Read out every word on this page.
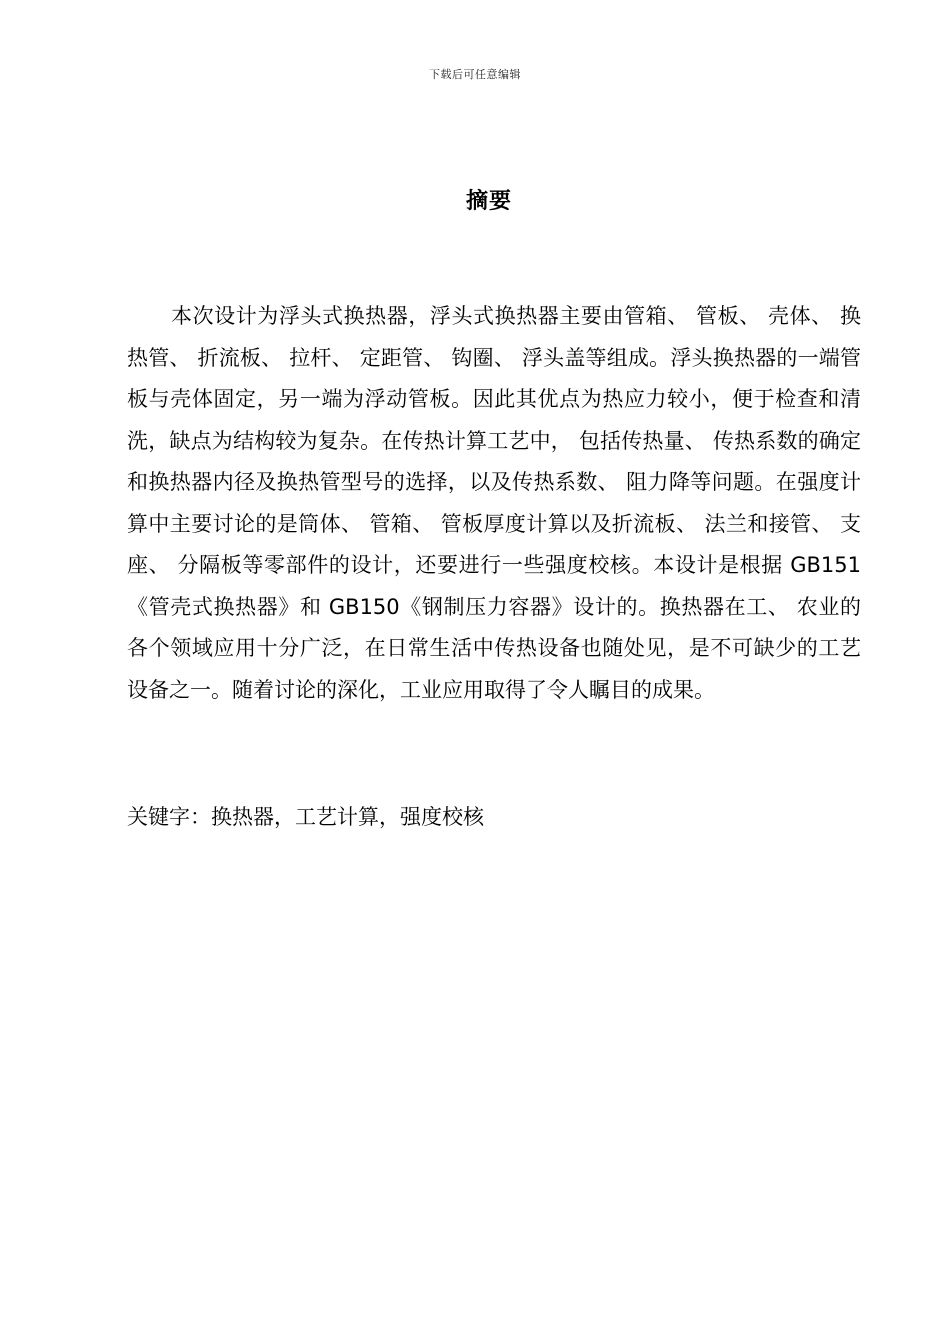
下载后可任意编辑
摘要

本次设计为浮头式换热器，浮头式换热器主要由管箱、 管板、 壳体、 换热管、 折流板、 拉杆、 定距管、 钩圈、 浮头盖等组成。浮头换热器的一端管板与壳体固定，另一端为浮动管板。因此其优点为热应力较小，便于检查和清洗，缺点为结构较为复杂。在传热计算工艺中， 包括传热量、 传热系数的确定和换热器内径及换热管型号的选择，以及传热系数、 阻力降等问题。在强度计算中主要讨论的是筒体、 管箱、 管板厚度计算以及折流板、 法兰和接管、 支座、 分隔板等零部件的设计，还要进行一些强度校核。本设计是根据 GB151《管壳式换热器》和 GB150《钢制压力容器》设计的。换热器在工、 农业的各个领域应用十分广泛，在日常生活中传热设备也随处见，是不可缺少的工艺设备之一。随着讨论的深化，工业应用取得了令人瞩目的成果。

关键字：换热器，工艺计算，强度校核
